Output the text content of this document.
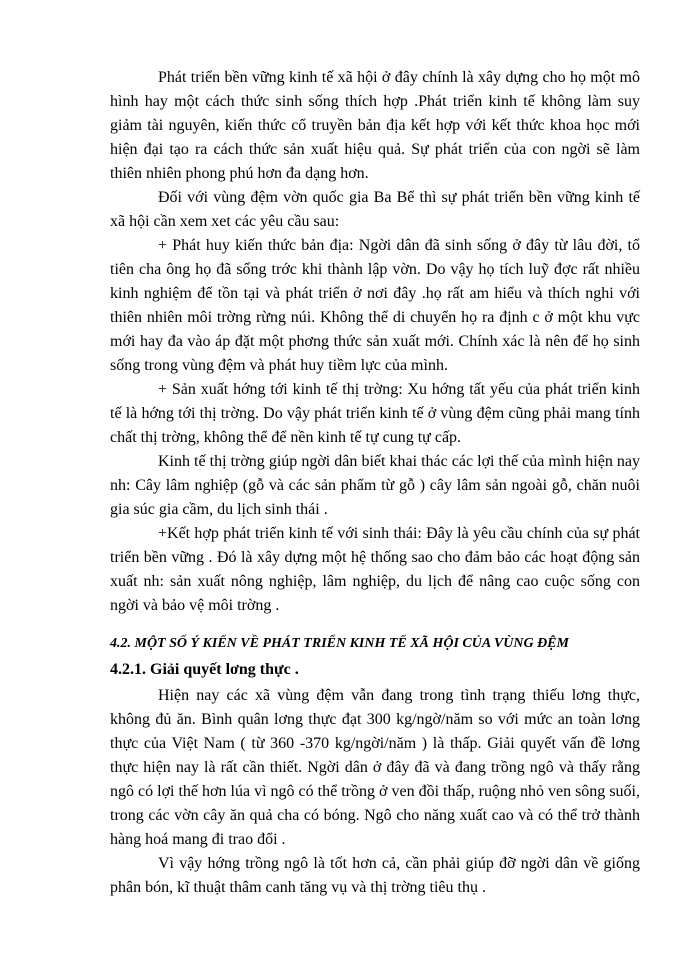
Phát triển bền vững kinh tế xã hội ở đây chính là xây dựng cho họ một mô hình hay một cách thức sinh sống thích hợp .Phát triển kinh tế không làm suy giảm tài nguyên, kiến thức cổ truyền bản địa kết hợp với kết thức khoa học mới hiện đại tạo ra cách thức sản xuất hiệu quả. Sự phát triển của con ngời sẽ làm thiên nhiên phong phú hơn đa dạng hơn.

Đối với vùng đệm vờn quốc gia Ba Bể thì sự phát triển bền vững kinh tế xã hội cần xem xet các yêu cầu sau:

+ Phát huy kiến thức bản địa: Ngời dân đã sinh sống ở đây từ lâu đời, tổ tiên cha ông họ đã sống trớc khi thành lập vờn. Do vậy họ tích luỹ đợc rất nhiều kinh nghiệm để tồn tại và phát triển ở nơi đây .họ rất am hiểu và thích nghi với thiên nhiên môi trờng rừng núi. Không thể di chuyển họ ra định c ở một khu vực mới hay đa vào áp đặt một phơng thức sản xuất mới. Chính xác là nên để họ sinh sống trong vùng đệm và phát huy tiềm lực của mình.

+ Sản xuất hớng tới kinh tế thị trờng: Xu hớng tất yếu của phát triển kinh tế là hớng tới thị trờng. Do vậy phát triển kinh tế ở vùng đệm cũng phải mang tính chất thị trờng, không thể để nền kinh tế tự cung tự cấp.

Kinh tế thị trờng giúp ngời dân biết khai thác các lợi thế của mình hiện nay nh: Cây lâm nghiệp (gỗ và các sản phẩm từ gỗ ) cây lâm sản ngoài gỗ, chăn nuôi gia súc gia cầm, du lịch sinh thái .

+Kết hợp phát triển kinh tế với sinh thái: Đây là yêu cầu chính của sự phát triển bền vững . Đó là xây dựng một hệ thống sao cho đảm bảo các hoạt động sản xuất nh: sản xuất nông nghiệp, lâm nghiệp, du lịch để nâng cao cuộc sống con ngời và bảo vệ môi trờng .

4.2. MỘT SỐ Ý KIẾN VỀ PHÁT TRIỂN KINH TẾ XÃ HỘI CỦA VÙNG ĐỆM
4.2.1. Giải quyết lơng thực .

Hiện nay các xã vùng đệm vẫn đang trong tình trạng thiếu lơng thực, không đủ ăn. Bình quân lơng thực đạt 300 kg/ngờ/năm so với mức an toàn lơng thực của Việt Nam ( từ 360 -370 kg/ngời/năm ) là thấp. Giải quyết vấn đề lơng thực hiện nay là rất cần thiết. Ngời dân ở đây đã và đang trồng ngô và thấy rằng ngô có lợi thế hơn lúa vì ngô có thể trồng ở ven đồi thấp, ruộng nhỏ ven sông suối, trong các vờn cây ăn quả cha có bóng. Ngô cho năng xuất cao và có thể trở thành hàng hoá mang đi trao đổi .

Vì vậy hớng trồng ngô là tốt hơn cả, cần phải giúp đỡ ngời dân về giống phân bón, kĩ thuật thâm canh tăng vụ và thị trờng tiêu thụ .
